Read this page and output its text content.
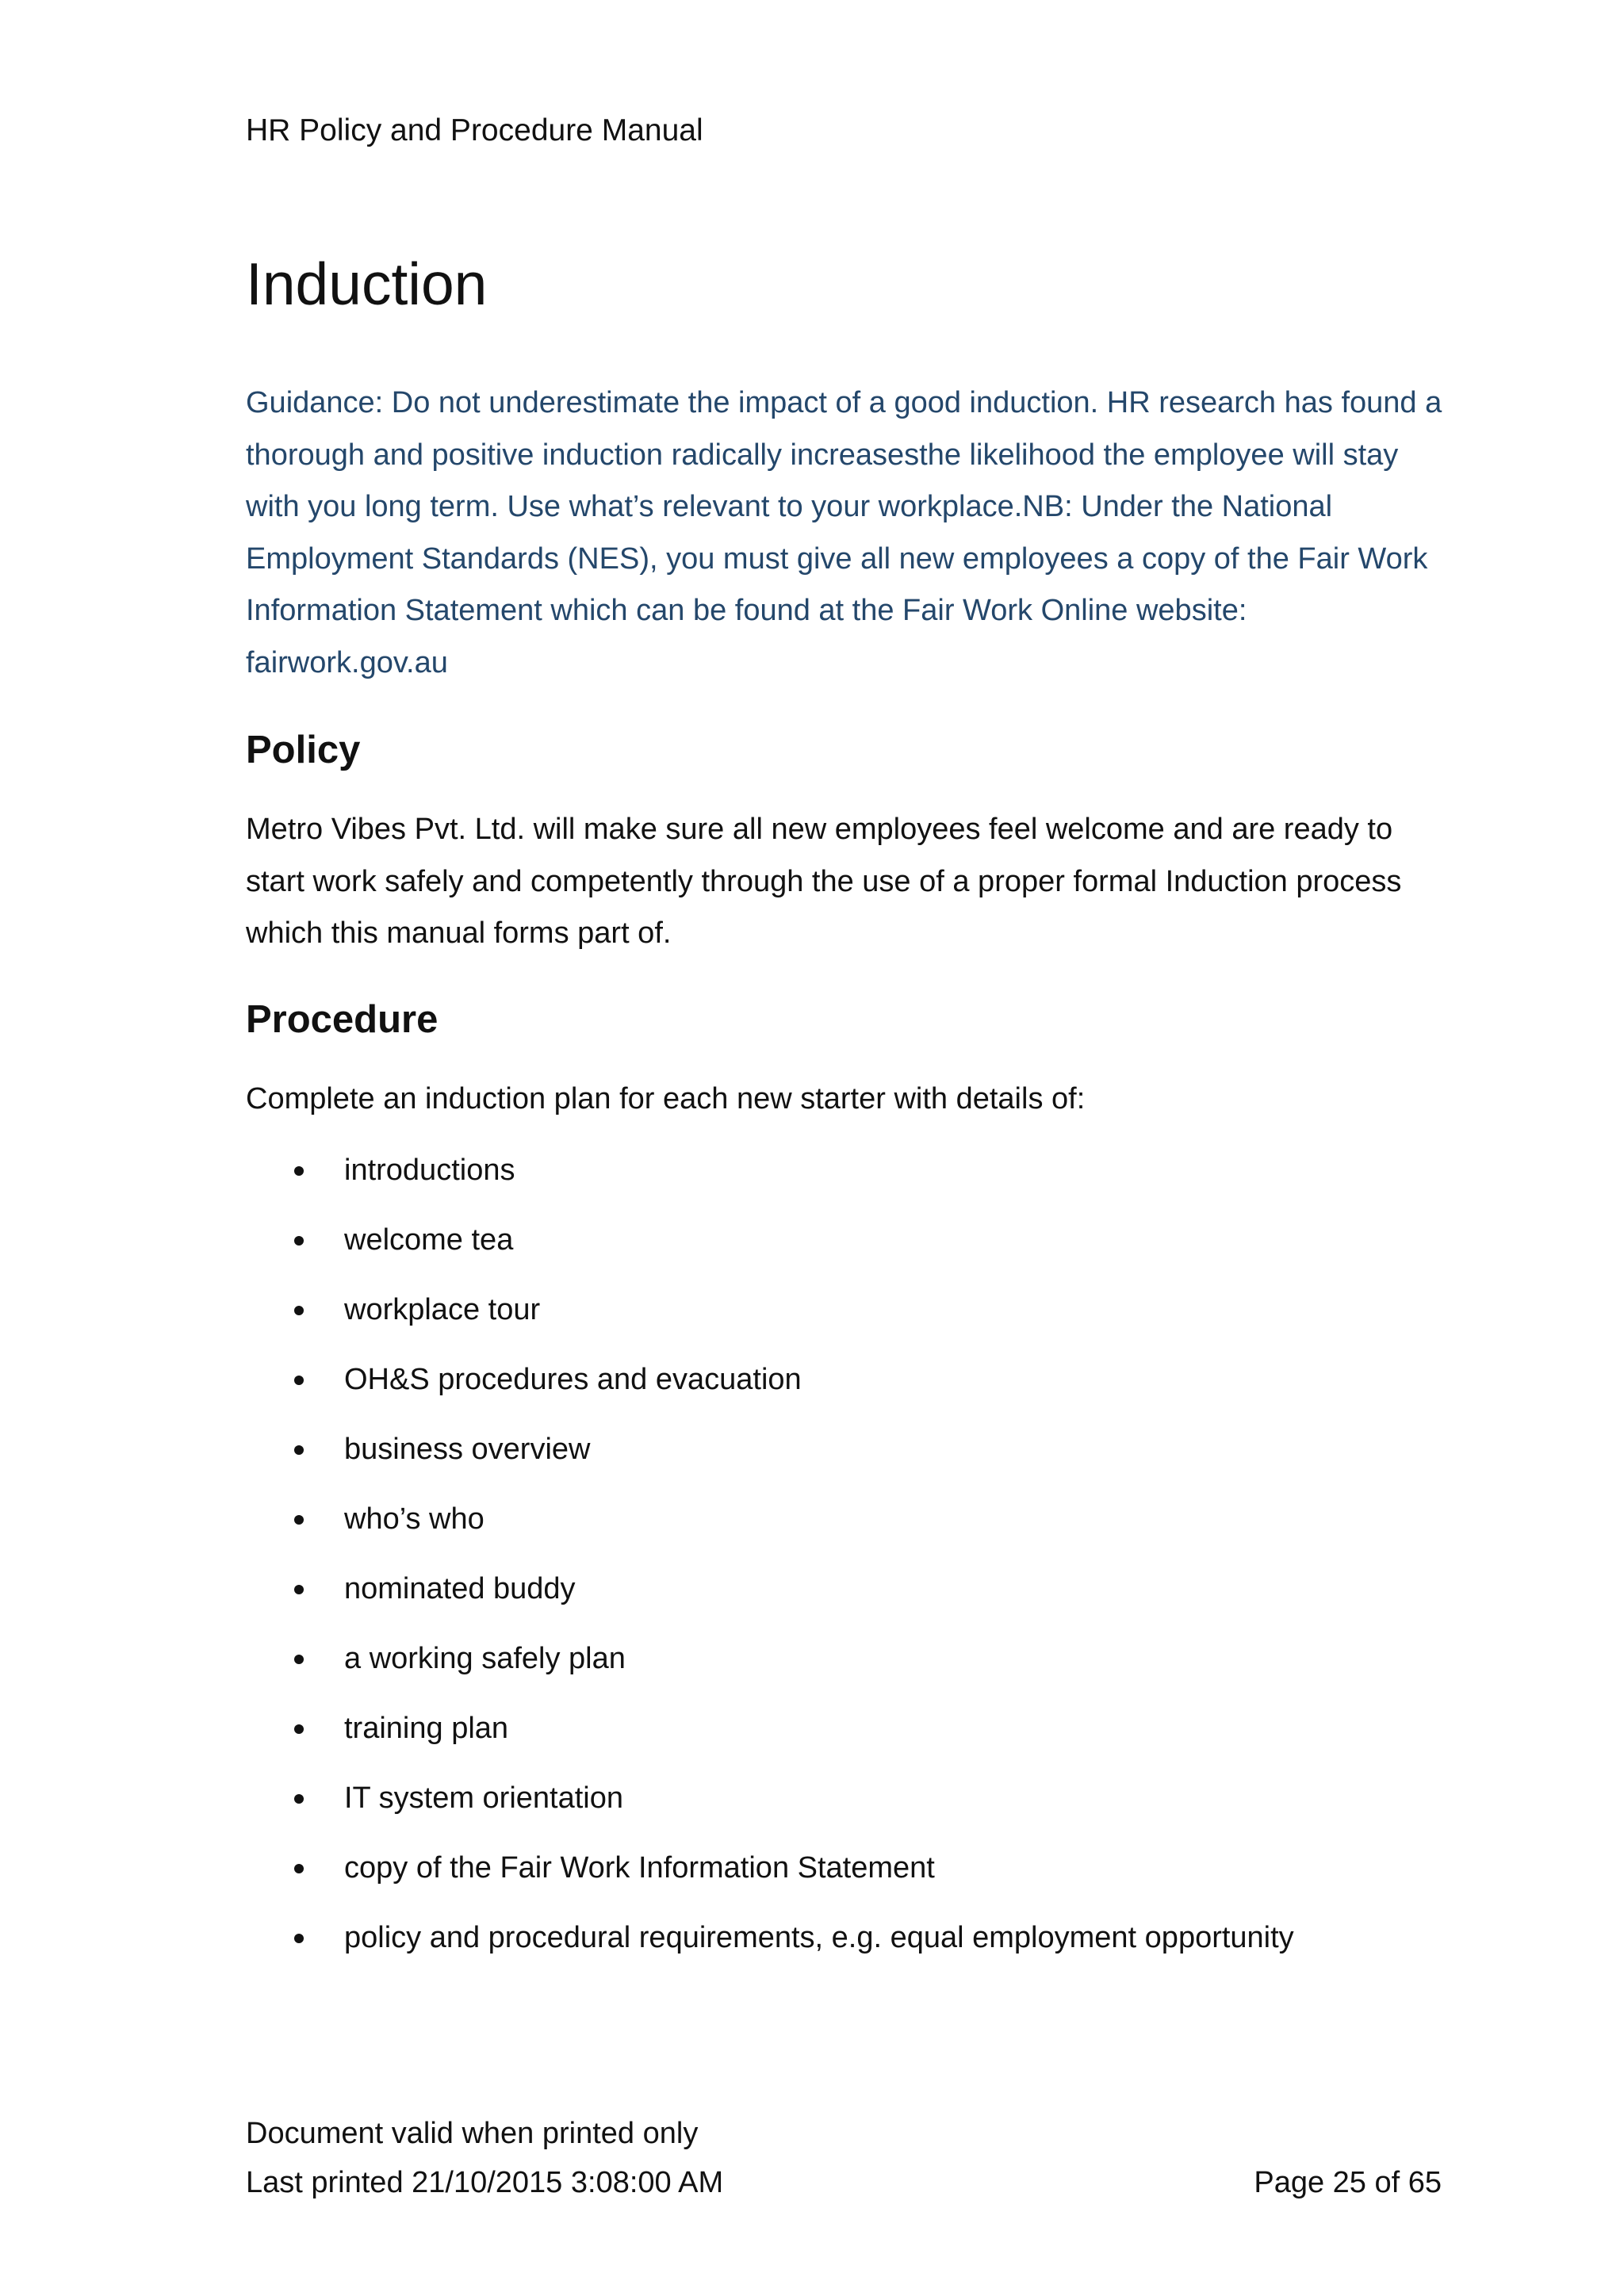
HR Policy and Procedure Manual
Induction
Guidance: Do not underestimate the impact of a good induction. HR research has found a thorough and positive induction radically increasesthe likelihood the employee will stay with you long term. Use what’s relevant to your workplace.NB: Under the National Employment Standards (NES), you must give all new employees a copy of the Fair Work Information Statement which can be found at the Fair Work Online website:
fairwork.gov.au
Policy

Metro Vibes Pvt. Ltd. will make sure all new employees feel welcome and are ready to start work safely and competently through the use of a proper formal Induction process which this manual forms part of.

Procedure

Complete an induction plan for each new starter with details of:

introductions
welcome tea
workplace tour
OH&S procedures and evacuation
business overview
who’s who
nominated buddy
a working safely plan
training plan
IT system orientation
copy of the Fair Work Information Statement
policy and procedural requirements, e.g. equal employment opportunity
Document valid when printed only
Last printed 21/10/2015 3:08:00 AM	Page 25 of 65
